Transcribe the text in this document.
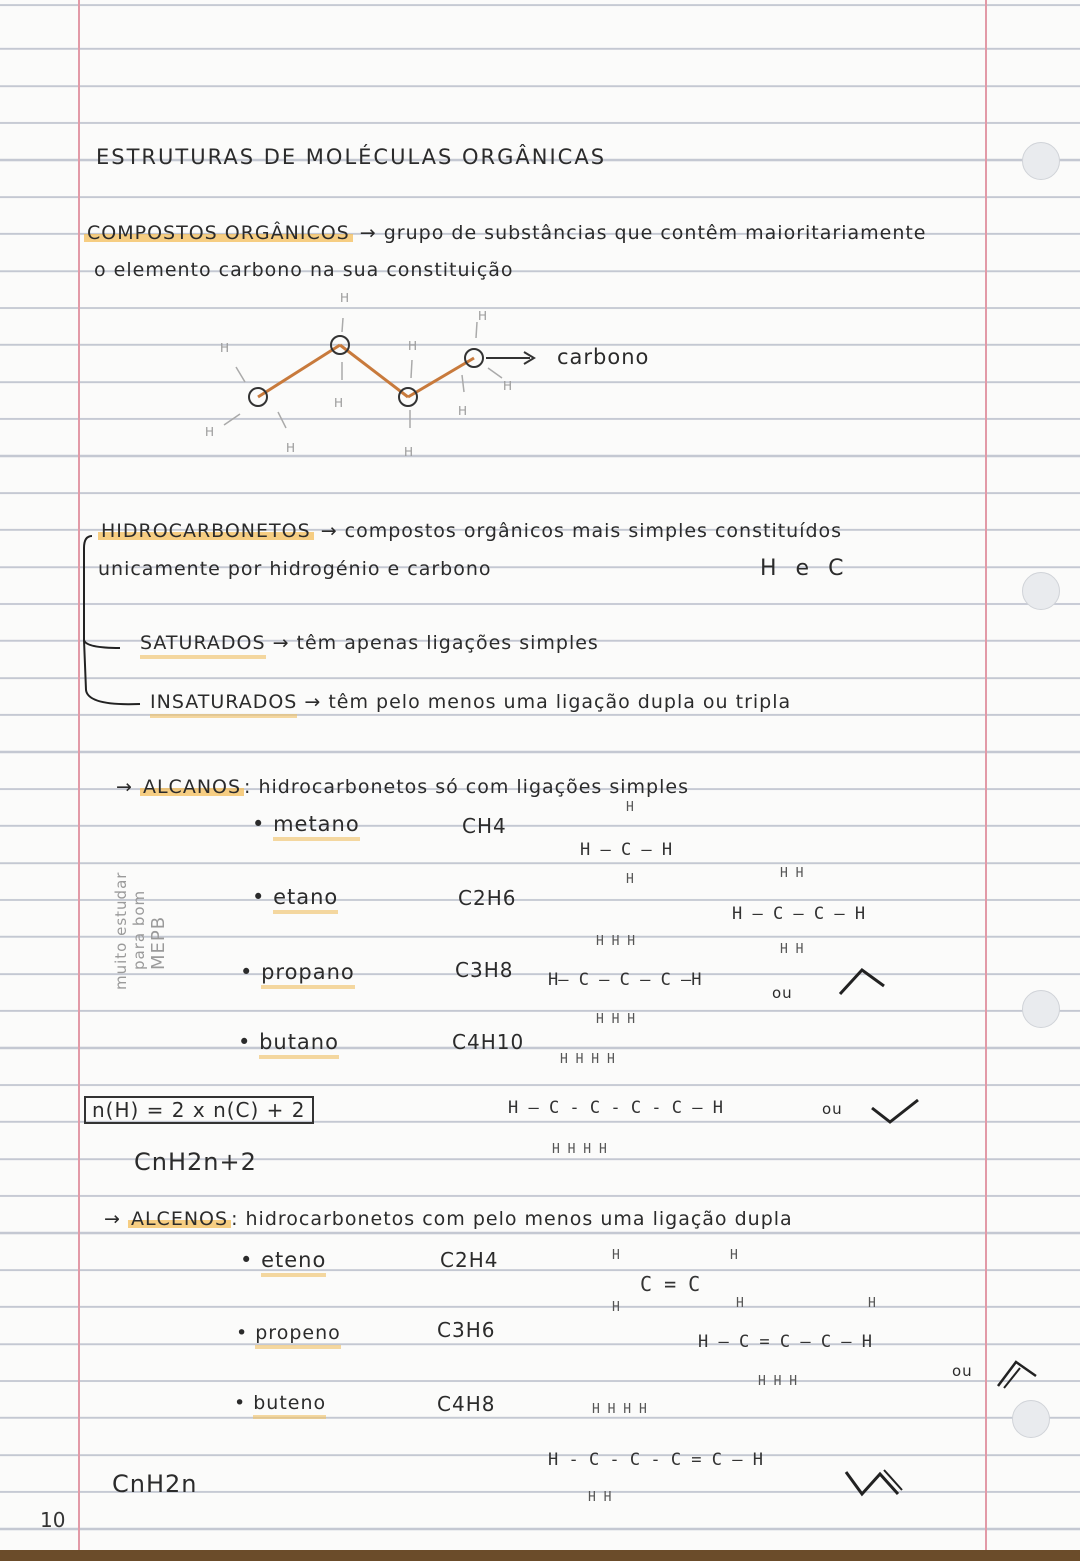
ESTRUTURAS DE MOLÉCULAS ORGÂNICAS
COMPOSTOS ORGÂNICOS → grupo de substâncias que contêm maioritariamente
o elemento carbono na sua constituição
H
H
H
H
H
H
H
H
H
H
carbono
HIDROCARBONETOS → compostos orgânicos mais simples constituídos
unicamente por hidrogénio e carbono	H e C
SATURADOS → têm apenas ligações simples
INSATURADOS → têm pelo menos uma ligação dupla ou tripla
→ ALCANOS : hidrocarbonetos só com ligações simples
muito estudar para bom MEPB
• metano	CH4
• etano	C2H6
• propano	C3H8
• butano	C4H10
H
H – C – H
H	H H
H – C — C – H
H H
H H H
H– C – C – C –H
H H H
ou
H H H H
H – C - C - C - C – H
H H H H
ou
n(H) = 2 x n(C) + 2
CnH2n+2
→ ALCENOS : hidrocarbonetos com pelo menos uma ligação dupla
• eteno	C2H4
• propeno	C3H6
• buteno	C4H8
C = C
H
H
H
H	H
H – C = C — C – H
H H H
ou
H H H H
H - C - C - C = C – H
H H
CnH2n
10
